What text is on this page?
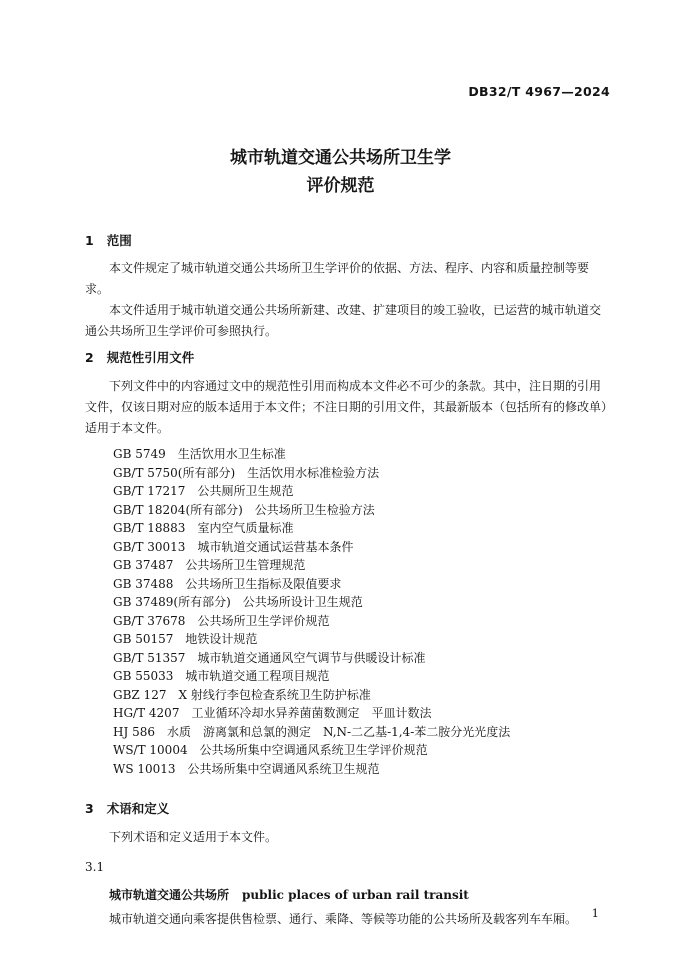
DB32/T 4967—2024
城市轨道交通公共场所卫生学
评价规范
1 范围

本文件规定了城市轨道交通公共场所卫生学评价的依据、方法、程序、内容和质量控制等要求。

本文件适用于城市轨道交通公共场所新建、改建、扩建项目的竣工验收，已运营的城市轨道交通公共场所卫生学评价可参照执行。

2 规范性引用文件

下列文件中的内容通过文中的规范性引用而构成本文件必不可少的条款。其中，注日期的引用文件，仅该日期对应的版本适用于本文件；不注日期的引用文件，其最新版本（包括所有的修改单）适用于本文件。

GB 5749　生活饮用水卫生标准
GB/T 5750(所有部分)　生活饮用水标准检验方法
GB/T 17217　公共厕所卫生规范
GB/T 18204(所有部分)　公共场所卫生检验方法
GB/T 18883　室内空气质量标准
GB/T 30013　城市轨道交通试运营基本条件
GB 37487　公共场所卫生管理规范
GB 37488　公共场所卫生指标及限值要求
GB 37489(所有部分)　公共场所设计卫生规范
GB/T 37678　公共场所卫生学评价规范
GB 50157　地铁设计规范
GB/T 51357　城市轨道交通通风空气调节与供暖设计标准
GB 55033　城市轨道交通工程项目规范
GBZ 127　X 射线行李包检查系统卫生防护标准
HG/T 4207　工业循环冷却水异养菌菌数测定　平皿计数法
HJ 586　水质　游离氯和总氯的测定　N,N-二乙基-1,4-苯二胺分光光度法
WS/T 10004　公共场所集中空调通风系统卫生学评价规范
WS 10013　公共场所集中空调通风系统卫生规范
3 术语和定义

下列术语和定义适用于本文件。

3.1

城市轨道交通公共场所 public places of urban rail transit

城市轨道交通向乘客提供售检票、通行、乘降、等候等功能的公共场所及载客列车车厢。	1
